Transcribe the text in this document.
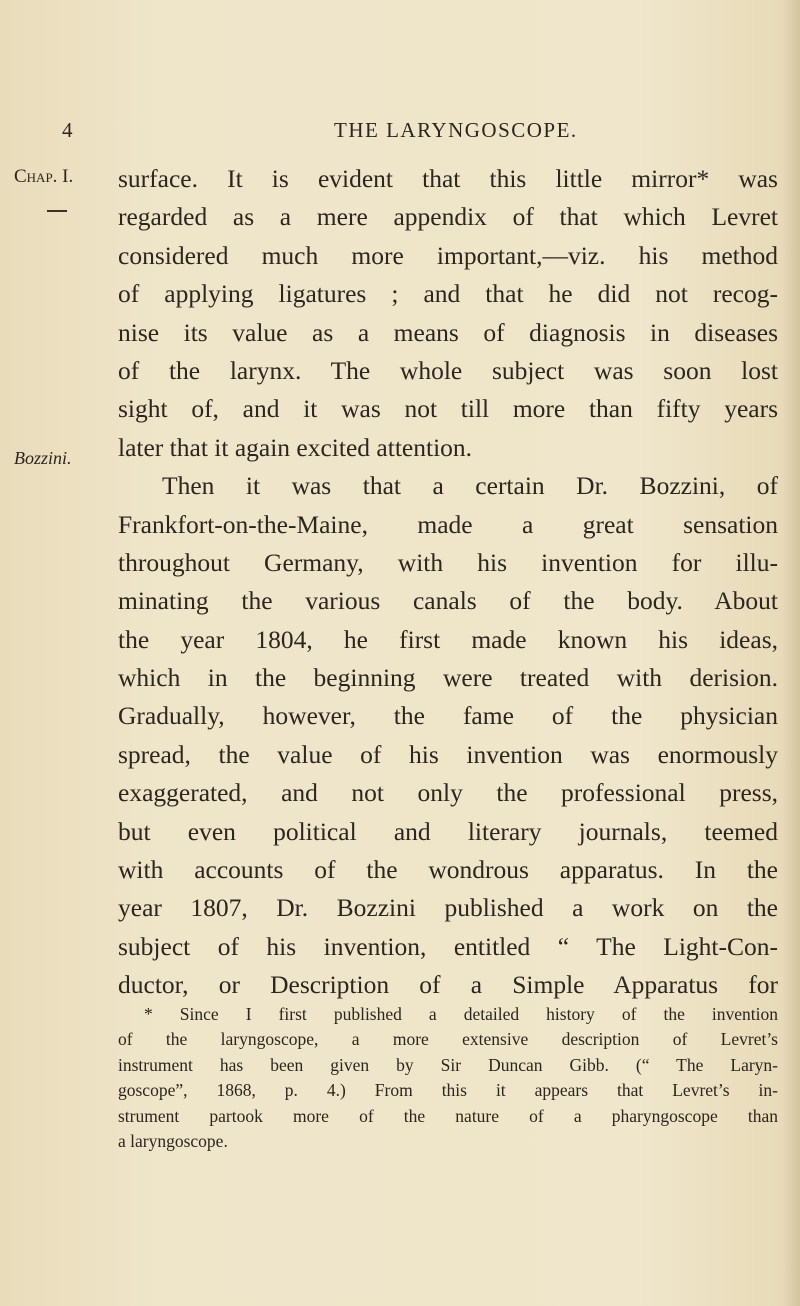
4	THE LARYNGOSCOPE.
Chap. I.
Bozzini.
surface. It is evident that this little mirror* was
regarded as a mere appendix of that which Levret
considered much more important,—viz. his method
of applying ligatures ; and that he did not recog-
nise its value as a means of diagnosis in diseases
of the larynx. The whole subject was soon lost
sight of, and it was not till more than fifty years
later that it again excited attention.
Then it was that a certain Dr. Bozzini, of
Frankfort-on-the-Maine, made a great sensation
throughout Germany, with his invention for illu-
minating the various canals of the body. About
the year 1804, he first made known his ideas,
which in the beginning were treated with derision.
Gradually, however, the fame of the physician
spread, the value of his invention was enormously
exaggerated, and not only the professional press,
but even political and literary journals, teemed
with accounts of the wondrous apparatus. In the
year 1807, Dr. Bozzini published a work on the
subject of his invention, entitled “ The Light-Con-
ductor, or Description of a Simple Apparatus for
* Since I first published a detailed history of the invention
of the laryngoscope, a more extensive description of Levret’s
instrument has been given by Sir Duncan Gibb. (“ The Laryn-
goscope”, 1868, p. 4.) From this it appears that Levret’s in-
strument partook more of the nature of a pharyngoscope than
a laryngoscope.
